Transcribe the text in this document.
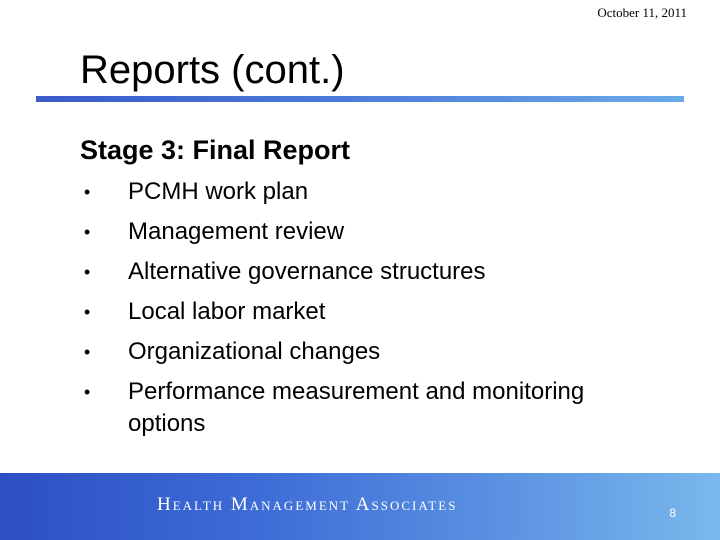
October 11, 2011
Reports (cont.)
Stage 3: Final Report
• PCMH work plan
• Management review
• Alternative governance structures
• Local labor market
• Organizational changes
• Performance measurement and monitoring options
Health Management Associates	8
